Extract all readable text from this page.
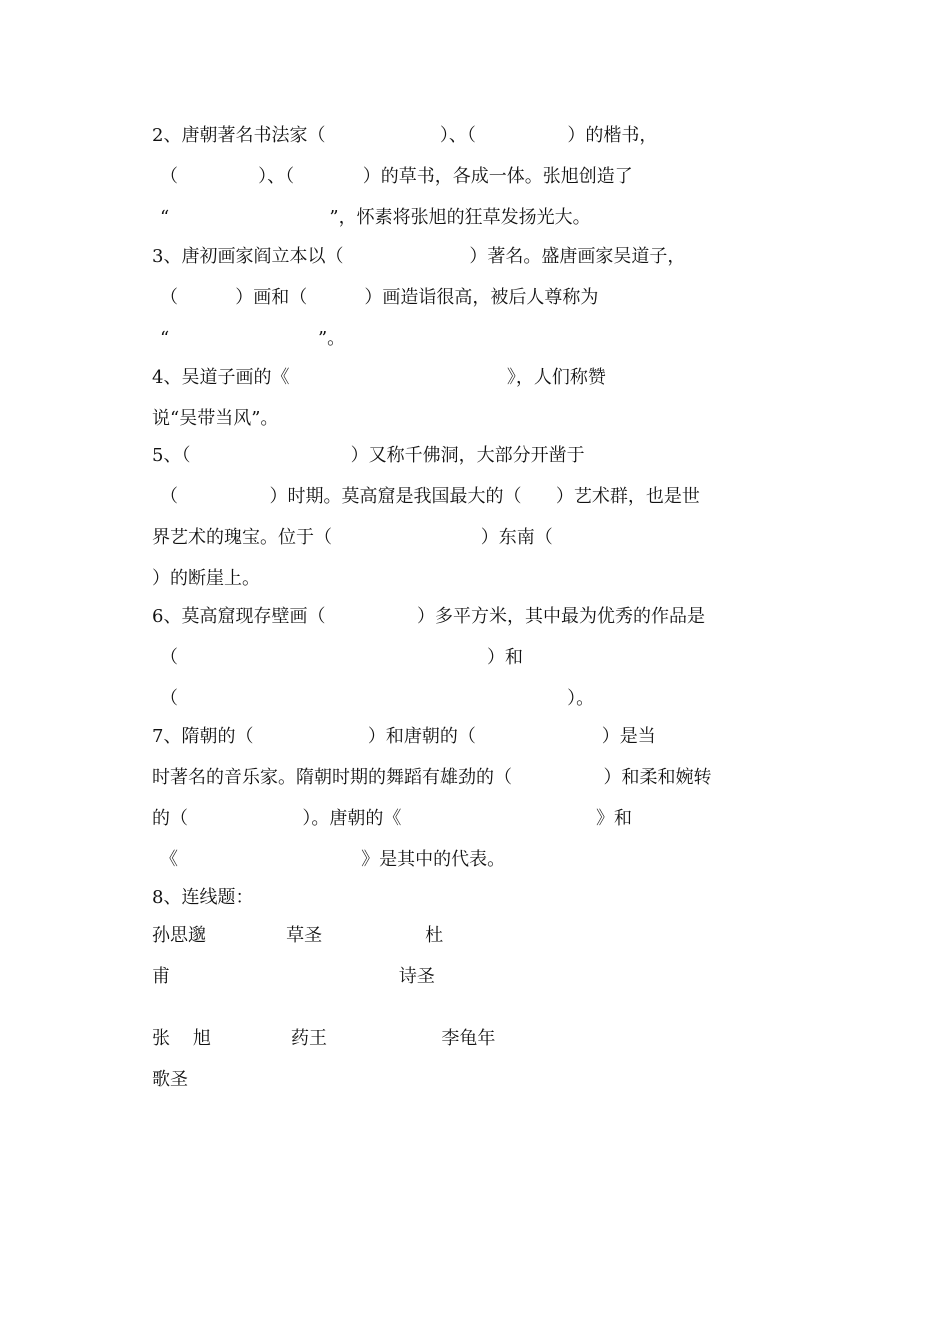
2、唐朝著名书法家（                    ）、（                ）的楷书，
（              ）、（            ）的草书，各成一体。张旭创造了
“                            ”，怀素将张旭的狂草发扬光大。
3、唐初画家阎立本以（                      ）著名。盛唐画家吴道子，
（          ）画和（          ）画造诣很高，被后人尊称为
“                          ”。
4、吴道子画的《                                      》，人们称赞
说“吴带当风”。
5、（                            ）又称千佛洞，大部分开凿于
（                ）时期。莫高窟是我国最大的（      ）艺术群，也是世
界艺术的瑰宝。位于（                          ）东南（
）的断崖上。
6、莫高窟现存壁画（                ）多平方米，其中最为优秀的作品是
（                                                      ）和
（                                                                    ）。
7、隋朝的（                    ）和唐朝的（                      ）是当
时著名的音乐家。隋朝时期的舞蹈有雄劲的（                ）和柔和婉转
的（                    ）。唐朝的《                                  》和
《                                》是其中的代表。
8、连线题：
孙思邈              草圣                  杜
甫                                        诗圣
张    旭              药王                    李龟年
歌圣
